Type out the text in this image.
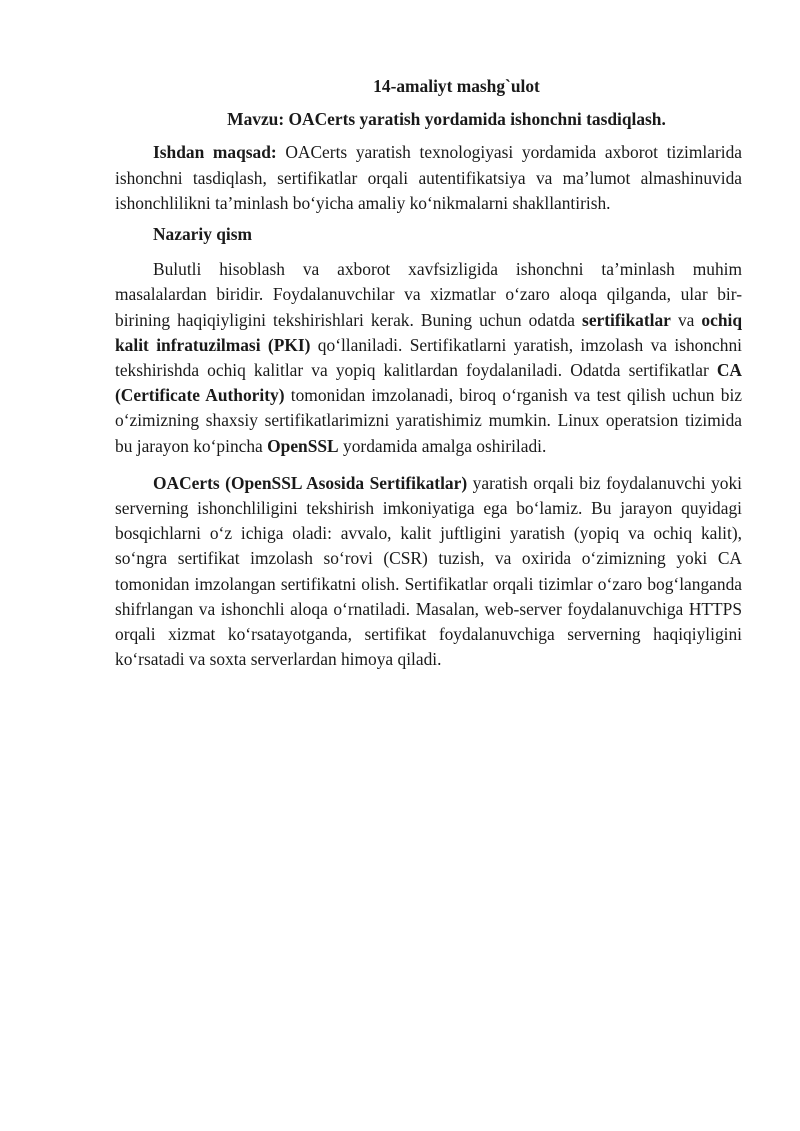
14-amaliyt mashg`ulot
Mavzu: OACerts yaratish yordamida ishonchni tasdiqlash.

Ishdan maqsad: OACerts yaratish texnologiyasi yordamida axborot tizimlarida ishonchni tasdiqlash, sertifikatlar orqali autentifikatsiya va ma’lumot almashinuvida ishonchlilikni ta’minlash bo‘yicha amaliy ko‘nikmalarni shakllantirish.

Nazariy qism

Bulutli hisoblash va axborot xavfsizligida ishonchni ta’minlash muhim masalalardan biridir. Foydalanuvchilar va xizmatlar o‘zaro aloqa qilganda, ular bir-birining haqiqiyligini tekshirishlari kerak. Buning uchun odatda sertifikatlar va ochiq kalit infratuzilmasi (PKI) qo‘llaniladi. Sertifikatlarni yaratish, imzolash va ishonchni tekshirishda ochiq kalitlar va yopiq kalitlardan foydalaniladi. Odatda sertifikatlar CA (Certificate Authority) tomonidan imzolanadi, biroq o‘rganish va test qilish uchun biz o‘zimizning shaxsiy sertifikatlarimizni yaratishimiz mumkin. Linux operatsion tizimida bu jarayon ko‘pincha OpenSSL yordamida amalga oshiriladi.

OACerts (OpenSSL Asosida Sertifikatlar) yaratish orqali biz foydalanuvchi yoki serverning ishonchliligini tekshirish imkoniyatiga ega bo‘lamiz. Bu jarayon quyidagi bosqichlarni o‘z ichiga oladi: avvalo, kalit juftligini yaratish (yopiq va ochiq kalit), so‘ngra sertifikat imzolash so‘rovi (CSR) tuzish, va oxirida o‘zimizning yoki CA tomonidan imzolangan sertifikatni olish. Sertifikatlar orqali tizimlar o‘zaro bog‘langanda shifrlangan va ishonchli aloqa o‘rnatiladi. Masalan, web-server foydalanuvchiga HTTPS orqali xizmat ko‘rsatayotganda, sertifikat foydalanuvchiga serverning haqiqiyligini ko‘rsatadi va soxta serverlardan himoya qiladi.
